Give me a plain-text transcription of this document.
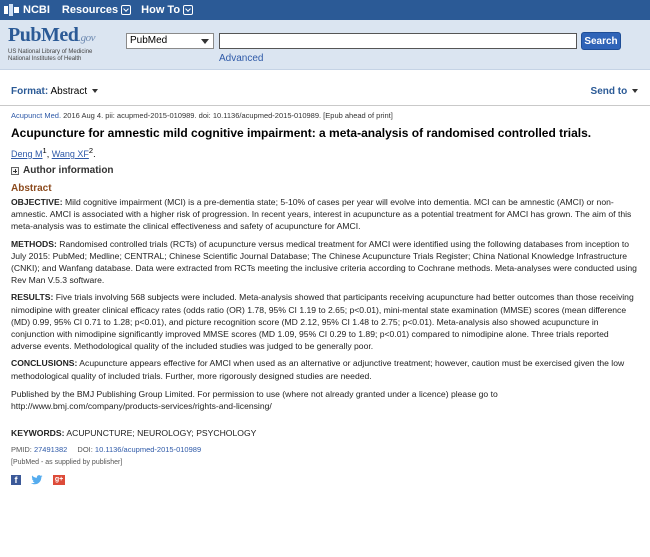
NCBI Resources How To
PubMed.gov
US National Library of Medicine
National Institutes of Health
PubMed	Search
Advanced
Format: Abstract	Send to
Acupunct Med. 2016 Aug 4. pii: acupmed-2015-010989. doi: 10.1136/acupmed-2015-010989. [Epub ahead of print]
Acupuncture for amnestic mild cognitive impairment: a meta-analysis of randomised controlled trials.
Deng $M^1$, Wang $XF^2$.
Author information
Abstract
OBJECTIVE: Mild cognitive impairment (MCI) is a pre-dementia state; 5-10% of cases per year will evolve into dementia. MCI can be amnestic (AMCI) or non-amnestic. AMCI is associated with a higher risk of progression. In recent years, interest in acupuncture as a potential treatment for AMCI has grown. The aim of this meta-analysis was to estimate the clinical effectiveness and safety of acupuncture for AMCI.
METHODS: Randomised controlled trials (RCTs) of acupuncture versus medical treatment for AMCI were identified using the following databases from inception to July 2015: PubMed; Medline; CENTRAL; Chinese Scientific Journal Database; The Chinese Acupuncture Trials Register; China National Knowledge Infrastructure (CNKI); and Wanfang database. Data were extracted from RCTs meeting the inclusive criteria according to Cochrane methods. Meta-analyses were conducted using Rev Man V.5.3 software.
RESULTS: Five trials involving 568 subjects were included. Meta-analysis showed that participants receiving acupuncture had better outcomes than those receiving nimodipine with greater clinical efficacy rates (odds ratio (OR) 1.78, 95% CI 1.19 to 2.65; p<0.01), mini-mental state examination (MMSE) scores (mean difference (MD) 0.99, 95% CI 0.71 to 1.28; p<0.01), and picture recognition score (MD 2.12, 95% CI 1.48 to 2.75; p<0.01). Meta-analysis also showed acupuncture in conjunction with nimodipine significantly improved MMSE scores (MD 1.09, 95% CI 0.29 to 1.89; p<0.01) compared to nimodipine alone. Three trials reported adverse events. Methodological quality of the included studies was judged to be generally poor.
CONCLUSIONS: Acupuncture appears effective for AMCI when used as an alternative or adjunctive treatment; however, caution must be exercised given the low methodological quality of included trials. Further, more rigorously designed studies are needed.
Published by the BMJ Publishing Group Limited. For permission to use (where not already granted under a licence) please go to http://www.bmj.com/company/products-services/rights-and-licensing/
KEYWORDS: ACUPUNCTURE; NEUROLOGY; PSYCHOLOGY
PMID: 27491382 DOI: 10.1136/acupmed-2015-010989
[PubMed - as supplied by publisher]
f	g+
